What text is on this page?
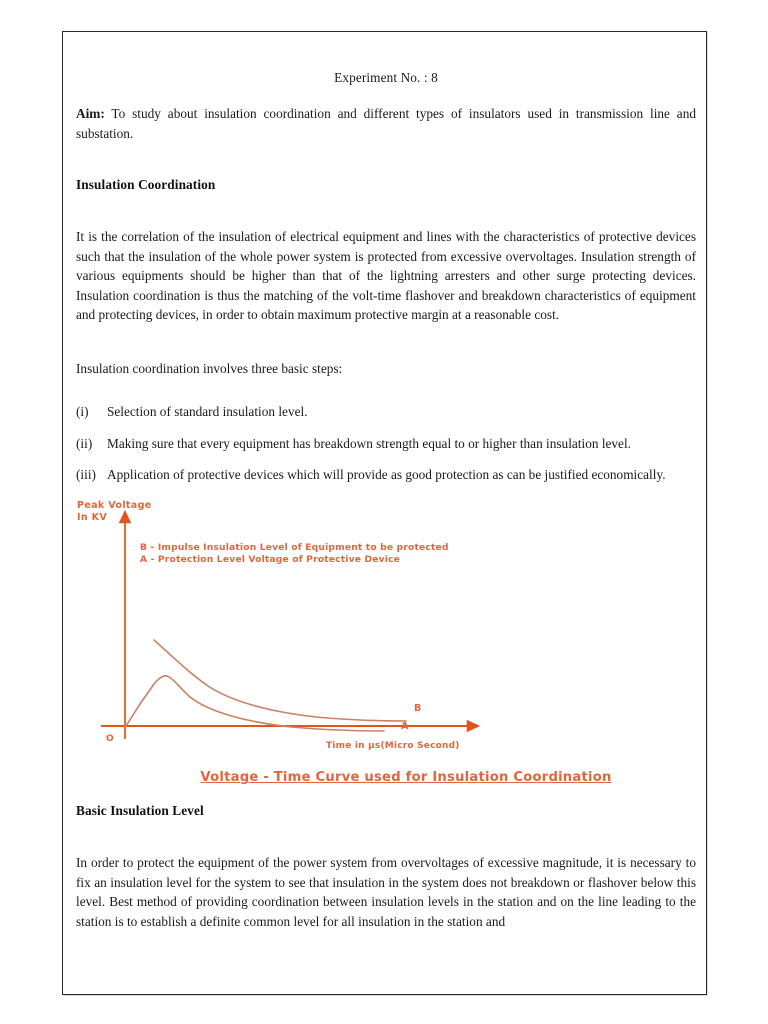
Experiment No. : 8

Aim: To study about insulation coordination and different types of insulators used in transmission line and substation.

Insulation Coordination

It is the correlation of the insulation of electrical equipment and lines with the characteristics of protective devices such that the insulation of the whole power system is protected from excessive overvoltages. Insulation strength of various equipments should be higher than that of the lightning arresters and other surge protecting devices. Insulation coordination is thus the matching of the volt-time flashover and breakdown characteristics of equipment and protecting devices, in order to obtain maximum protective margin at a reasonable cost.

Insulation coordination involves three basic steps:

(i)	Selection of standard insulation level.
(ii)	Making sure that every equipment has breakdown strength equal to or higher than insulation level.
(iii) Application of protective devices which will provide as good protection as can be justified economically.
Peak Voltage
In KV
B - Impulse Insulation Level of Equipment to be protected
A - Protection Level Voltage of Protective Device
O
B
A
Time in µs(Micro Second)
Voltage - Time Curve used for Insulation Coordination
Basic Insulation Level

In order to protect the equipment of the power system from overvoltages of excessive magnitude, it is necessary to fix an insulation level for the system to see that insulation in the system does not breakdown or flashover below this level. Best method of providing coordination between insulation levels in the station and on the line leading to the station is to establish a definite common level for all insulation in the station and
